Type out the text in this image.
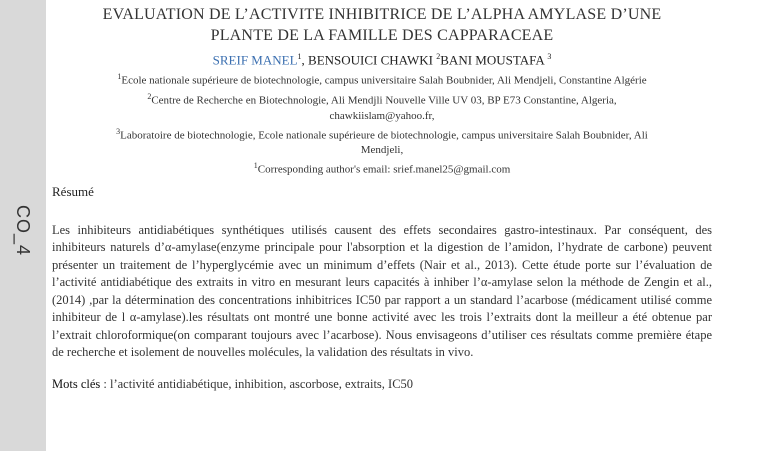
CO_4
EVALUATION DE L’ACTIVITE INHIBITRICE DE L’ALPHA AMYLASE D’UNE
PLANTE DE LA FAMILLE DES CAPPARACEAE
SREIF MANEL$^1$, BENSOUICI CHAWKI $^2$BANI MOUSTAFA $^3$
$^1$Ecole nationale supérieure de biotechnologie, campus universitaire Salah Boubnider, Ali Mendjeli, Constantine Algérie
$^2$Centre de Recherche en Biotechnologie, Ali Mendjli Nouvelle Ville UV 03, BP E73 Constantine, Algeria,
chawkiislam@yahoo.fr,
$^3$Laboratoire de biotechnologie, Ecole nationale supérieure de biotechnologie, campus universitaire Salah Boubnider, Ali
Mendjeli,
$^1$Corresponding author's email: srief.manel25@gmail.com
Résumé
Les inhibiteurs antidiabétiques synthétiques utilisés causent des effets secondaires gastro-intestinaux. Par conséquent, des inhibiteurs naturels d’α-amylase(enzyme principale pour l'absorption et la digestion de l’amidon, l’hydrate de carbone) peuvent présenter un traitement de l’hyperglycémie avec un minimum d’effets (Nair et al., 2013). Cette étude porte sur l’évaluation de l’activité antidiabétique des extraits in vitro en mesurant leurs capacités à inhiber l’α-amylase selon la méthode de Zengin et al., (2014) ,par la détermination des concentrations inhibitrices IC50 par rapport a un standard l’acarbose (médicament utilisé comme inhibiteur de l α-amylase).les résultats ont montré une bonne activité avec les trois l’extraits dont la meilleur a été obtenue par l’extrait chloroformique(on comparant toujours avec l’acarbose). Nous envisageons d’utiliser ces résultats comme première étape de recherche et isolement de nouvelles molécules, la validation des résultats in vivo.
Mots clés : l’activité antidiabétique, inhibition, ascorbose, extraits, IC50
